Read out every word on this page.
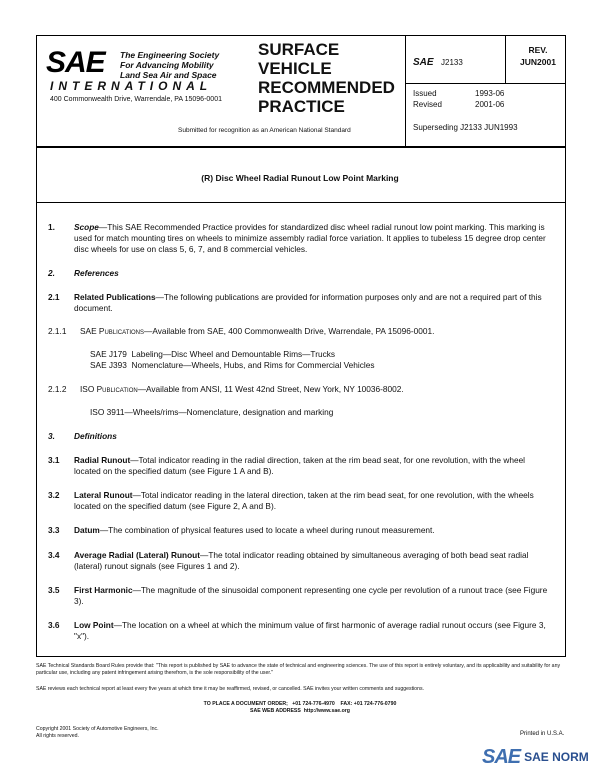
SAE The Engineering Society
For Advancing Mobility
Land Sea Air and Space
INTERNATIONAL
400 Commonwealth Drive, Warrendale, PA 15096-0001
SURFACE
VEHICLE
RECOMMENDED
PRACTICE
Submitted for recognition as an American National Standard
SAE J2133
REV.
JUN2001
Issued	1993-06
Revised	2001-06
Superseding J2133 JUN1993
(R) Disc Wheel Radial Runout Low Point Marking
1. Scope—This SAE Recommended Practice provides for standardized disc wheel radial runout low point marking. This marking is used for match mounting tires on wheels to minimize assembly radial force variation. It applies to tubeless 15 degree drop center disc wheels for use on class 5, 6, 7, and 8 commercial vehicles.
2. References
2.1 Related Publications—The following publications are provided for information purposes only and are not a required part of this document.
2.1.1 SAE Publications—Available from SAE, 400 Commonwealth Drive, Warrendale, PA 15096-0001.
SAE J179  Labeling—Disc Wheel and Demountable Rims—Trucks
SAE J393  Nomenclature—Wheels, Hubs, and Rims for Commercial Vehicles
2.1.2 ISO Publication—Available from ANSI, 11 West 42nd Street, New York, NY 10036-8002.
ISO 3911—Wheels/rims—Nomenclature, designation and marking
3. Definitions
3.1 Radial Runout—Total indicator reading in the radial direction, taken at the rim bead seat, for one revolution, with the wheel located on the specified datum (see Figure 1 A and B).
3.2 Lateral Runout—Total indicator reading in the lateral direction, taken at the rim bead seat, for one revolution, with the wheels located on the specified datum (see Figure 2, A and B).
3.3 Datum—The combination of physical features used to locate a wheel during runout measurement.
3.4 Average Radial (Lateral) Runout—The total indicator reading obtained by simultaneous averaging of both bead seat radial (lateral) runout signals (see Figures 1 and 2).
3.5 First Harmonic—The magnitude of the sinusoidal component representing one cycle per revolution of a runout trace (see Figure 3).
3.6 Low Point—The location on a wheel at which the minimum value of first harmonic of average radial runout occurs (see Figure 3, "x").
SAE Technical Standards Board Rules provide that: "This report is published by SAE to advance the state of technical and engineering sciences. The use of this report is entirely voluntary, and its applicability and suitability for any particular use, including any patent infringement arising therefrom, is the sole responsibility of the user."
SAE reviews each technical report at least every five years at which time it may be reaffirmed, revised, or cancelled. SAE invites your written comments and suggestions.
TO PLACE A DOCUMENT ORDER;   +01 724-776-4970    FAX: +01 724-776-0790
SAE WEB ADDRESS  http://www.sae.org
Copyright 2001 Society of Automotive Engineers, Inc.
All rights reserved.	Printed in U.S.A.
SAE SAE NORM
